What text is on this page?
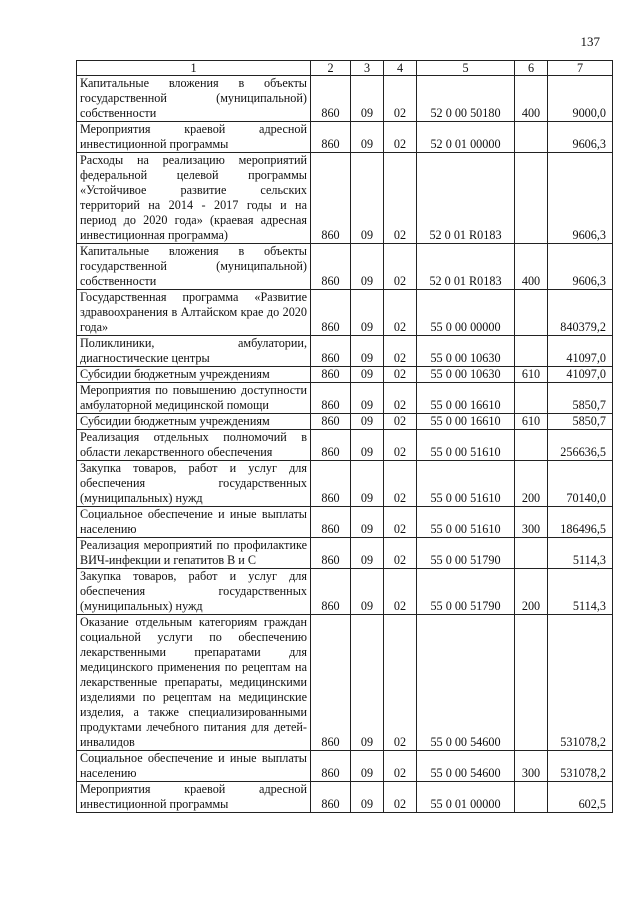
137
1	2	3	4	5	6	7
Капитальные вложения в объекты государственной (муниципальной) собственности	860	09	02	52 0 00 50180	400	9000,0
Мероприятия краевой адресной инвестиционной программы	860	09	02	52 0 01 00000		9606,3
Расходы на реализацию мероприятий федеральной целевой программы «Устойчивое развитие сельских территорий на 2014 - 2017 годы и на период до 2020 года» (краевая адресная инвестиционная программа)	860	09	02	52 0 01 R0183		9606,3
Капитальные вложения в объекты государственной (муниципальной) собственности	860	09	02	52 0 01 R0183	400	9606,3
Государственная программа «Развитие здравоохранения в Алтайском крае до 2020 года»	860	09	02	55 0 00 00000		840379,2
Поликлиники, амбулатории, диагностические центры	860	09	02	55 0 00 10630		41097,0
Субсидии бюджетным учреждениям	860	09	02	55 0 00 10630	610	41097,0
Мероприятия по повышению доступности амбулаторной медицинской помощи	860	09	02	55 0 00 16610		5850,7
Субсидии бюджетным учреждениям	860	09	02	55 0 00 16610	610	5850,7
Реализация отдельных полномочий в области лекарственного обеспечения	860	09	02	55 0 00 51610		256636,5
Закупка товаров, работ и услуг для обеспечения государственных (муниципальных) нужд	860	09	02	55 0 00 51610	200	70140,0
Социальное обеспечение и иные выплаты населению	860	09	02	55 0 00 51610	300	186496,5
Реализация мероприятий по профилактике ВИЧ-инфекции и гепатитов В и С	860	09	02	55 0 00 51790		5114,3
Закупка товаров, работ и услуг для обеспечения государственных (муниципальных) нужд	860	09	02	55 0 00 51790	200	5114,3
Оказание отдельным категориям граждан социальной услуги по обеспечению лекарственными препаратами для медицинского применения по рецептам на лекарственные препараты, медицинскими изделиями по рецептам на медицинские изделия, а также специализированными продуктами лечебного питания для детей-инвалидов	860	09	02	55 0 00 54600		531078,2
Социальное обеспечение и иные выплаты населению	860	09	02	55 0 00 54600	300	531078,2
Мероприятия краевой адресной инвестиционной программы	860	09	02	55 0 01 00000		602,5
